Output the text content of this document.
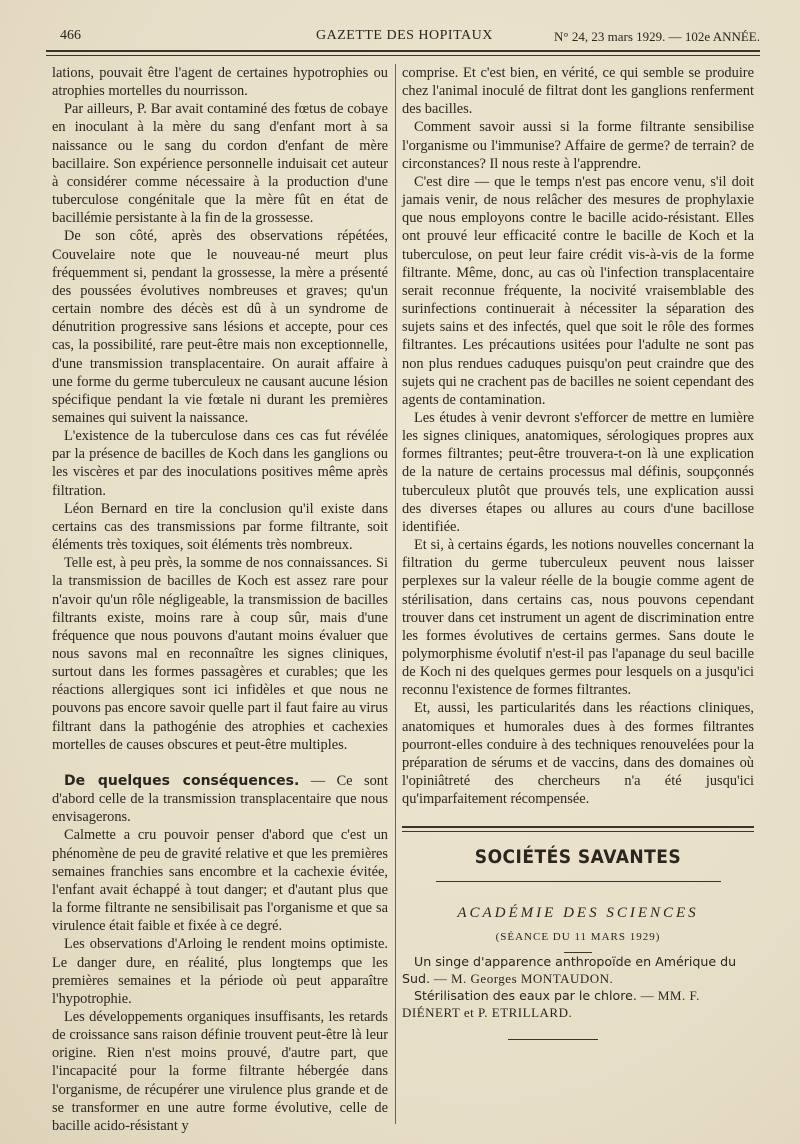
466	GAZETTE DES HOPITAUX	N° 24, 23 mars 1929. — 102e ANNÉE.

lations, pouvait être l'agent de certaines hypotrophies ou atrophies mortelles du nourrisson.

Par ailleurs, P. Bar avait contaminé des fœtus de cobaye en inoculant à la mère du sang d'enfant mort à sa naissance ou le sang du cordon d'enfant de mère bacillaire. Son expérience personnelle induisait cet auteur à considérer comme nécessaire à la production d'une tuberculose congénitale que la mère fût en état de bacillémie persistante à la fin de la grossesse.

De son côté, après des observations répétées, Couvelaire note que le nouveau-né meurt plus fréquemment si, pendant la grossesse, la mère a présenté des poussées évolutives nombreuses et graves; qu'un certain nombre des décès est dû à un syndrome de dénutrition progressive sans lésions et accepte, pour ces cas, la possibilité, rare peut-être mais non exceptionnelle, d'une transmission transplacentaire. On aurait affaire à une forme du germe tuberculeux ne causant aucune lésion spécifique pendant la vie fœtale ni durant les premières semaines qui suivent la naissance.

L'existence de la tuberculose dans ces cas fut révélée par la présence de bacilles de Koch dans les ganglions ou les viscères et par des inoculations positives même après filtration.

Léon Bernard en tire la conclusion qu'il existe dans certains cas des transmissions par forme filtrante, soit éléments très toxiques, soit éléments très nombreux.

Telle est, à peu près, la somme de nos connaissances. Si la transmission de bacilles de Koch est assez rare pour n'avoir qu'un rôle négligeable, la transmission de bacilles filtrants existe, moins rare à coup sûr, mais d'une fréquence que nous pouvons d'autant moins évaluer que nous savons mal en reconnaître les signes cliniques, surtout dans les formes passagères et curables; que les réactions allergiques sont ici infidèles et que nous ne pouvons pas encore savoir quelle part il faut faire au virus filtrant dans la pathogénie des atrophies et cachexies mortelles de causes obscures et peut-être multiples.

De quelques conséquences. — Ce sont d'abord celle de la transmission transplacentaire que nous envisagerons.

Calmette a cru pouvoir penser d'abord que c'est un phénomène de peu de gravité relative et que les premières semaines franchies sans encombre et la cachexie évitée, l'enfant avait échappé à tout danger; et d'autant plus que la forme filtrante ne sensibilisait pas l'organisme et que sa virulence était faible et fixée à ce degré.

Les observations d'Arloing le rendent moins optimiste. Le danger dure, en réalité, plus longtemps que les premières semaines et la période où peut apparaître l'hypotrophie.

Les développements organiques insuffisants, les retards de croissance sans raison définie trouvent peut-être là leur origine. Rien n'est moins prouvé, d'autre part, que l'incapacité pour la forme filtrante hébergée dans l'organisme, de récupérer une virulence plus grande et de se transformer en une autre forme évolutive, celle de bacille acido-résistant y

comprise. Et c'est bien, en vérité, ce qui semble se produire chez l'animal inoculé de filtrat dont les ganglions renferment des bacilles.

Comment savoir aussi si la forme filtrante sensibilise l'organisme ou l'immunise? Affaire de germe? de terrain? de circonstances? Il nous reste à l'apprendre.

C'est dire — que le temps n'est pas encore venu, s'il doit jamais venir, de nous relâcher des mesures de prophylaxie que nous employons contre le bacille acido-résistant. Elles ont prouvé leur efficacité contre le bacille de Koch et la tuberculose, on peut leur faire crédit vis-à-vis de la forme filtrante. Même, donc, au cas où l'infection transplacentaire serait reconnue fréquente, la nocivité vraisemblable des surinfections continuerait à nécessiter la séparation des sujets sains et des infectés, quel que soit le rôle des formes filtrantes. Les précautions usitées pour l'adulte ne sont pas non plus rendues caduques puisqu'on peut craindre que des sujets qui ne crachent pas de bacilles ne soient cependant des agents de contamination.

Les études à venir devront s'efforcer de mettre en lumière les signes cliniques, anatomiques, sérologiques propres aux formes filtrantes; peut-être trouvera-t-on là une explication de la nature de certains processus mal définis, soupçonnés tuberculeux plutôt que prouvés tels, une explication aussi des diverses étapes ou allures au cours d'une bacillose identifiée.

Et si, à certains égards, les notions nouvelles concernant la filtration du germe tuberculeux peuvent nous laisser perplexes sur la valeur réelle de la bougie comme agent de stérilisation, dans certains cas, nous pouvons cependant trouver dans cet instrument un agent de discrimination entre les formes évolutives de certains germes. Sans doute le polymorphisme évolutif n'est-il pas l'apanage du seul bacille de Koch ni des quelques germes pour lesquels on a jusqu'ici reconnu l'existence de formes filtrantes.

Et, aussi, les particularités dans les réactions cliniques, anatomiques et humorales dues à des formes filtrantes pourront-elles conduire à des techniques renouvelées pour la préparation de sérums et de vaccins, dans des domaines où l'opiniâtreté des chercheurs n'a été jusqu'ici qu'imparfaitement récompensée.

SOCIÉTÉS SAVANTES
ACADÉMIE DES SCIENCES
(SÉANCE DU 11 MARS 1929)

Un singe d'apparence anthropoïde en Amérique du Sud. — M. Georges MONTAUDON.

Stérilisation des eaux par le chlore. — MM. F. DIÉNERT et P. ETRILLARD.
